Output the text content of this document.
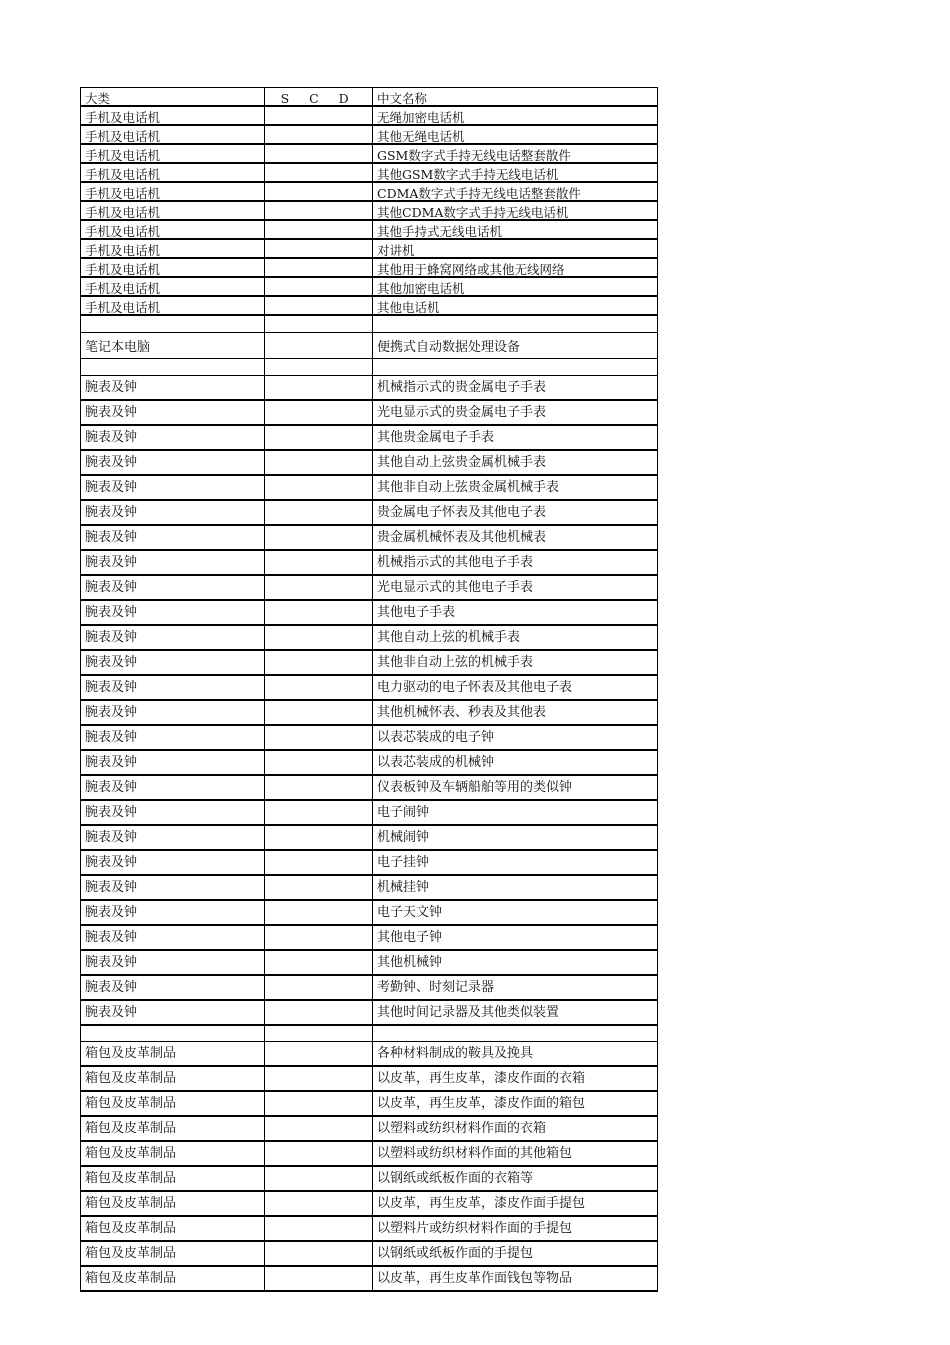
大类	S C D	中文名称
手机及电话机		无绳加密电话机
手机及电话机		其他无绳电话机
手机及电话机		GSM数字式手持无线电话整套散件
手机及电话机		其他GSM数字式手持无线电话机
手机及电话机		CDMA数字式手持无线电话整套散件
手机及电话机		其他CDMA数字式手持无线电话机
手机及电话机		其他手持式无线电话机
手机及电话机		对讲机
手机及电话机		其他用于蜂窝网络或其他无线网络
手机及电话机		其他加密电话机
手机及电话机		其他电话机

笔记本电脑		便携式自动数据处理设备

腕表及钟		机械指示式的贵金属电子手表
腕表及钟		光电显示式的贵金属电子手表
腕表及钟		其他贵金属电子手表
腕表及钟		其他自动上弦贵金属机械手表
腕表及钟		其他非自动上弦贵金属机械手表
腕表及钟		贵金属电子怀表及其他电子表
腕表及钟		贵金属机械怀表及其他机械表
腕表及钟		机械指示式的其他电子手表
腕表及钟		光电显示式的其他电子手表
腕表及钟		其他电子手表
腕表及钟		其他自动上弦的机械手表
腕表及钟		其他非自动上弦的机械手表
腕表及钟		电力驱动的电子怀表及其他电子表
腕表及钟		其他机械怀表、秒表及其他表
腕表及钟		以表芯装成的电子钟
腕表及钟		以表芯装成的机械钟
腕表及钟		仪表板钟及车辆船舶等用的类似钟
腕表及钟		电子闹钟
腕表及钟		机械闹钟
腕表及钟		电子挂钟
腕表及钟		机械挂钟
腕表及钟		电子天文钟
腕表及钟		其他电子钟
腕表及钟		其他机械钟
腕表及钟		考勤钟、时刻记录器
腕表及钟		其他时间记录器及其他类似装置

箱包及皮革制品		各种材料制成的鞍具及挽具
箱包及皮革制品		以皮革，再生皮革，漆皮作面的衣箱
箱包及皮革制品		以皮革，再生皮革，漆皮作面的箱包
箱包及皮革制品		以塑料或纺织材料作面的衣箱
箱包及皮革制品		以塑料或纺织材料作面的其他箱包
箱包及皮革制品		以钢纸或纸板作面的衣箱等
箱包及皮革制品		以皮革，再生皮革，漆皮作面手提包
箱包及皮革制品		以塑料片或纺织材料作面的手提包
箱包及皮革制品		以钢纸或纸板作面的手提包
箱包及皮革制品		以皮革，再生皮革作面钱包等物品
